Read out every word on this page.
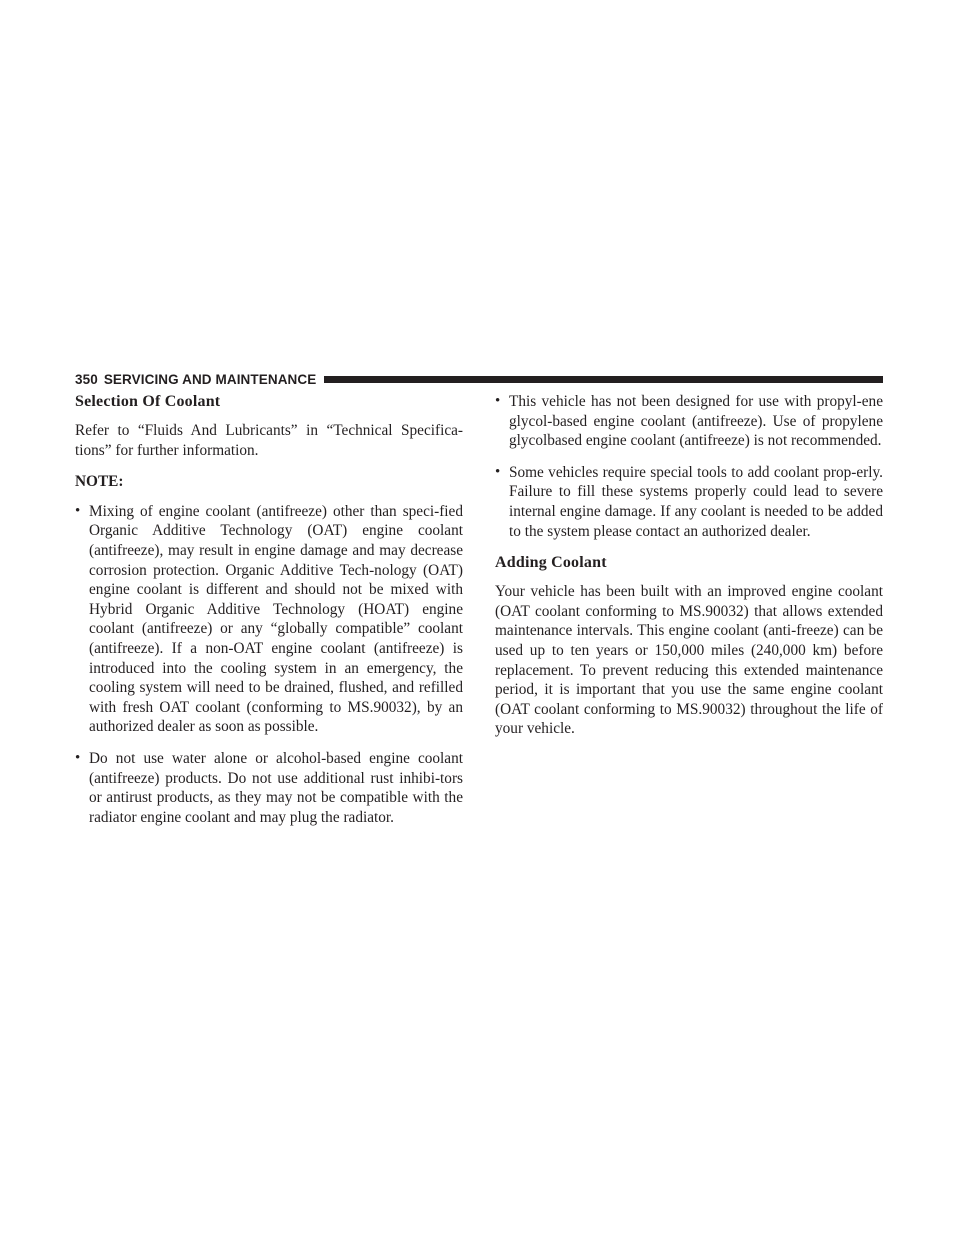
350 SERVICING AND MAINTENANCE
Selection Of Coolant

Refer to “Fluids And Lubricants” in “Technical Specifica-tions” for further information.

NOTE:
• Mixing of engine coolant (antifreeze) other than speci-fied Organic Additive Technology (OAT) engine coolant (antifreeze), may result in engine damage and may decrease corrosion protection. Organic Additive Tech-nology (OAT) engine coolant is different and should not be mixed with Hybrid Organic Additive Technology (HOAT) engine coolant (antifreeze) or any “globally compatible” coolant (antifreeze). If a non-OAT engine coolant (antifreeze) is introduced into the cooling system in an emergency, the cooling system will need to be drained, flushed, and refilled with fresh OAT coolant (conforming to MS.90032), by an authorized dealer as soon as possible.
• Do not use water alone or alcohol-based engine coolant (antifreeze) products. Do not use additional rust inhibi-tors or antirust products, as they may not be compatible with the radiator engine coolant and may plug the radiator.
• This vehicle has not been designed for use with propyl-ene glycol-based engine coolant (antifreeze). Use of propylene glycolbased engine coolant (antifreeze) is not recommended.
• Some vehicles require special tools to add coolant prop-erly. Failure to fill these systems properly could lead to severe internal engine damage. If any coolant is needed to be added to the system please contact an authorized dealer.
Adding Coolant

Your vehicle has been built with an improved engine coolant (OAT coolant conforming to MS.90032) that allows extended maintenance intervals. This engine coolant (anti-freeze) can be used up to ten years or 150,000 miles (240,000 km) before replacement. To prevent reducing this extended maintenance period, it is important that you use the same engine coolant (OAT coolant conforming to MS.90032) throughout the life of your vehicle.
